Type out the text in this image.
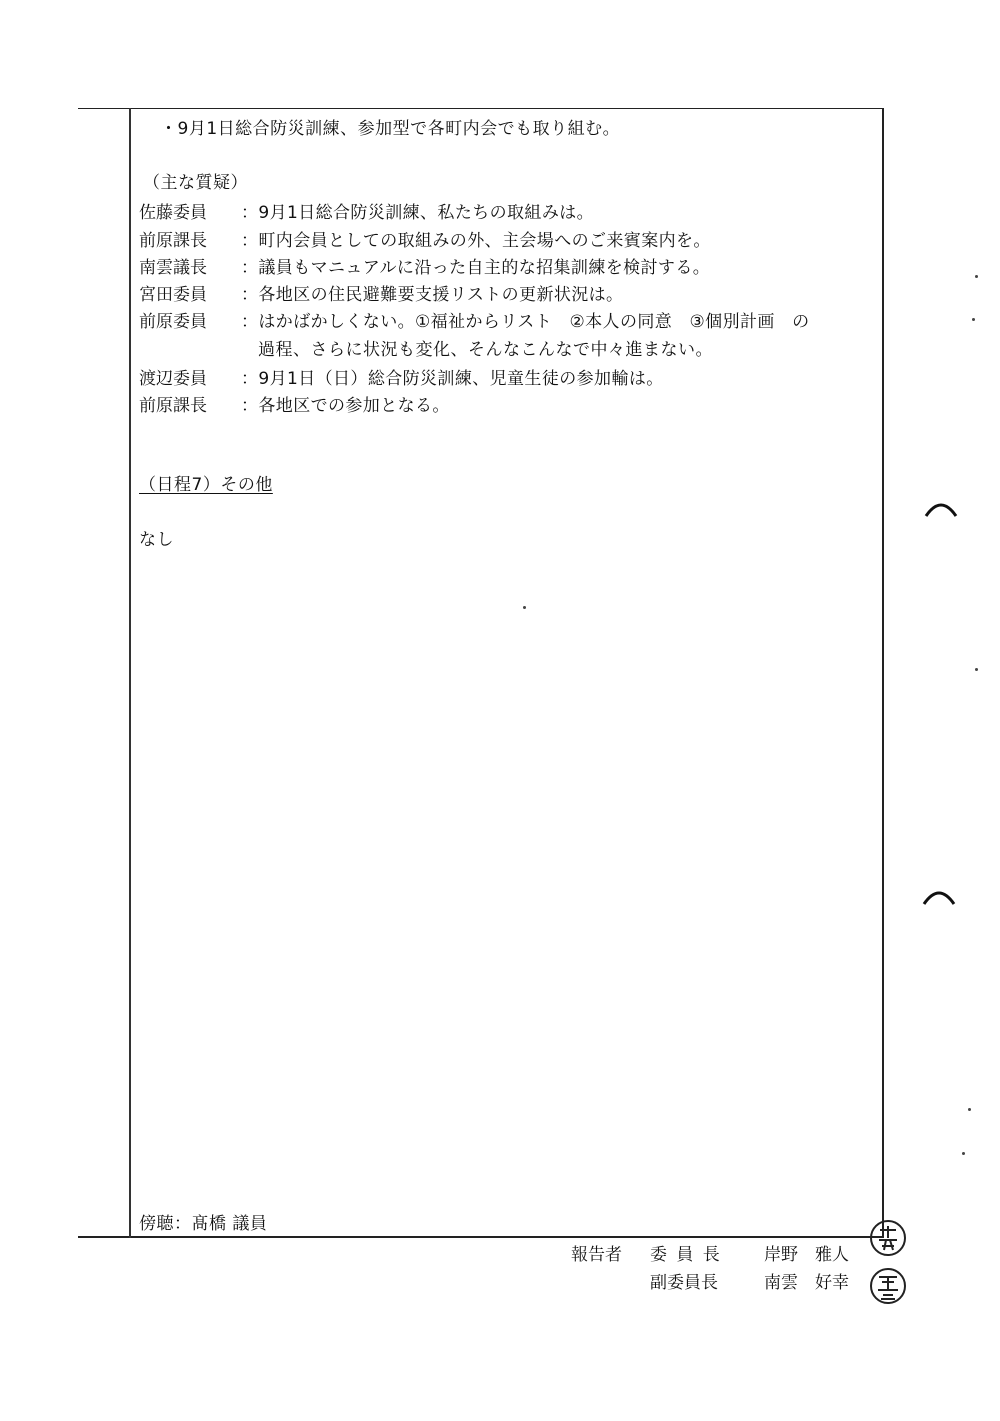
・9月1日総合防災訓練、参加型で各町内会でも取り組む。
（主な質疑）
佐藤委員 ：9月1日総合防災訓練、私たちの取組みは。
前原課長 ：町内会員としての取組みの外、主会場へのご来賓案内を。
南雲議長 ：議員もマニュアルに沿った自主的な招集訓練を検討する。
宮田委員 ：各地区の住民避難要支援リストの更新状況は。
前原委員 ：はかばかしくない。①福祉からリスト　②本人の同意　③個別計画　の
過程、さらに状況も変化、そんなこんなで中々進まない。
渡辺委員 ：9月1日（日）総合防災訓練、児童生徒の参加輸は。
前原課長 ：各地区での参加となる。
（日程7）その他
なし
傍聴：髙橋 議員
報告者 委 員 長 岸野　雅人
副委員長	南雲　好幸
